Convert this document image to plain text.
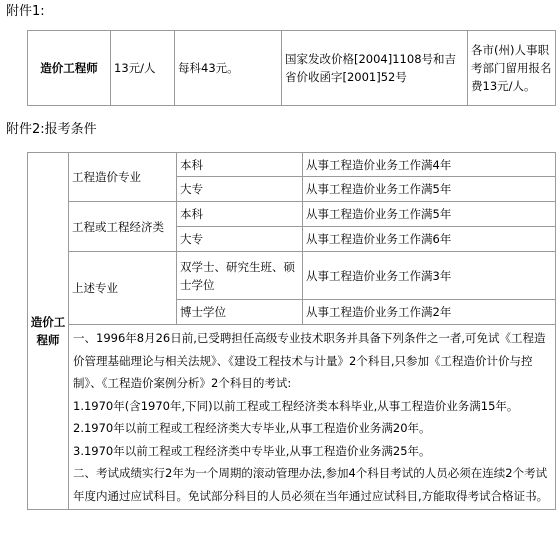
附件1:
造价工程师	13元/人	每科43元。	国家发改价格[2004]1108号和吉省价收函字[2001]52号	各市(州)人事职考部门留用报名费13元/人。
附件2:报考条件
造价工程师	工程造价专业	本科	从事工程造价业务工作满4年
		大专	从事工程造价业务工作满5年
	工程或工程经济类	本科	从事工程造价业务工作满5年
		大专	从事工程造价业务工作满6年
	上述专业	双学士、研究生班、硕士学位	从事工程造价业务工作满3年
		博士学位	从事工程造价业务工作满2年

	一、1996年8月26日前,已受聘担任高级专业技术职务并具备下列条件之一者,可免试《工程造价管理基础理论与相关法规》、《建设工程技术与计量》2个科目,只参加《工程造价计价与控制》、《工程造价案例分析》2个科目的考试:
1.1970年(含1970年,下同)以前工程或工程经济类本科毕业,从事工程造价业务满15年。
2.1970年以前工程或工程经济类大专毕业,从事工程造价业务满20年。
3.1970年以前工程或工程经济类中专毕业,从事工程造价业务满25年。
二、考试成绩实行2年为一个周期的滚动管理办法,参加4个科目考试的人员必须在连续2个考试年度内通过应试科目。免试部分科目的人员必须在当年通过应试科目,方能取得考试合格证书。		
